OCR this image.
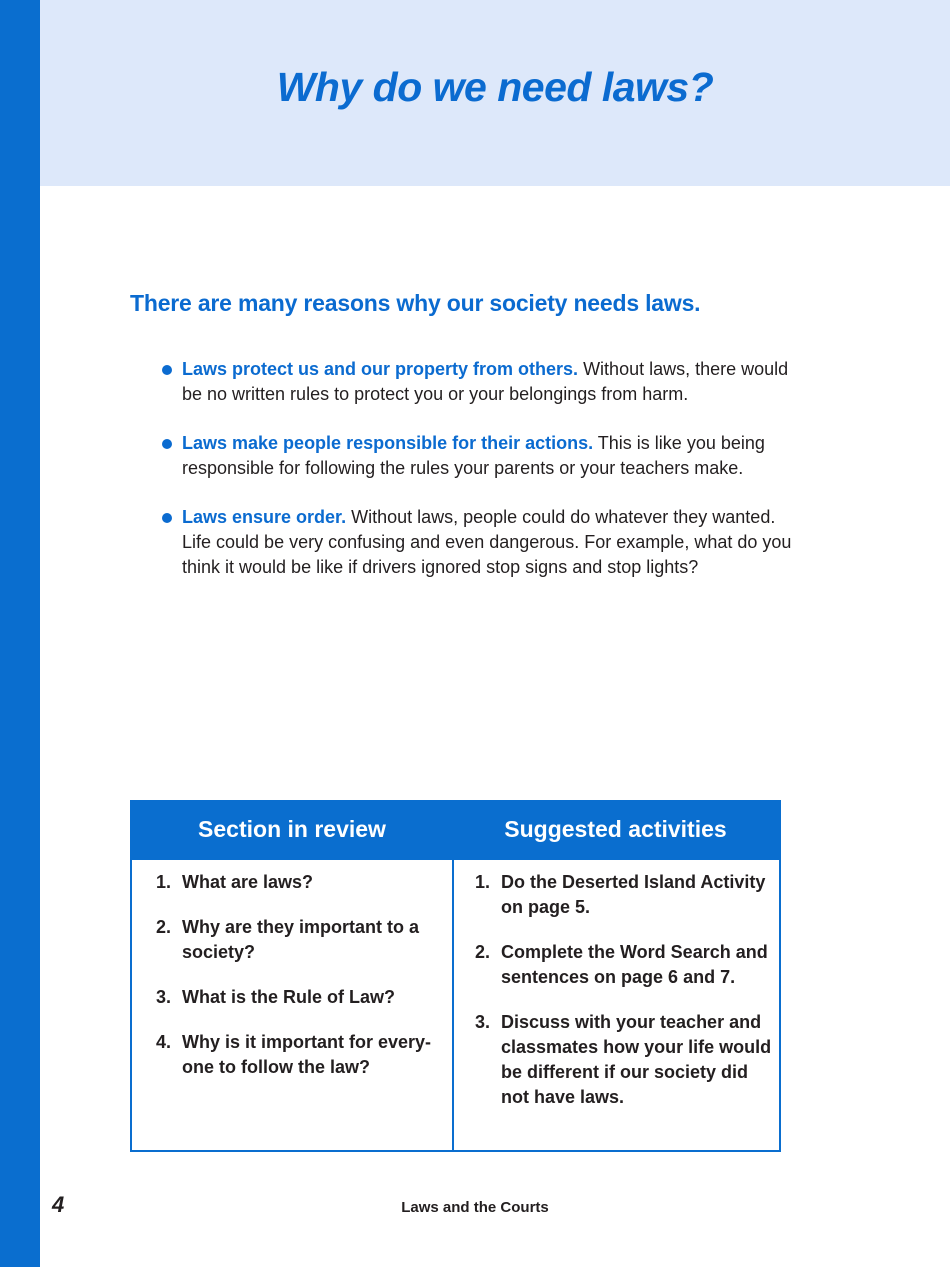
Why do we need laws?
There are many reasons why our society needs laws.
Laws protect us and our property from others. Without laws, there would be no written rules to protect you or your belongings from harm.
Laws make people responsible for their actions. This is like you being responsible for following the rules your parents or your teachers make.
Laws ensure order. Without laws, people could do whatever they wanted. Life could be very confusing and even dangerous. For example, what do you think it would be like if drivers ignored stop signs and stop lights?
Section in review	Suggested activities
1. What are laws?
2. Why are they important to a society?
3. What is the Rule of Law?
4. Why is it important for every-one to follow the law?
1. Do the Deserted Island Activity on page 5.
2. Complete the Word Search and sentences on page 6 and 7.
3. Discuss with your teacher and classmates how your life would be different if our society did not have laws.

4	Laws and the Courts
